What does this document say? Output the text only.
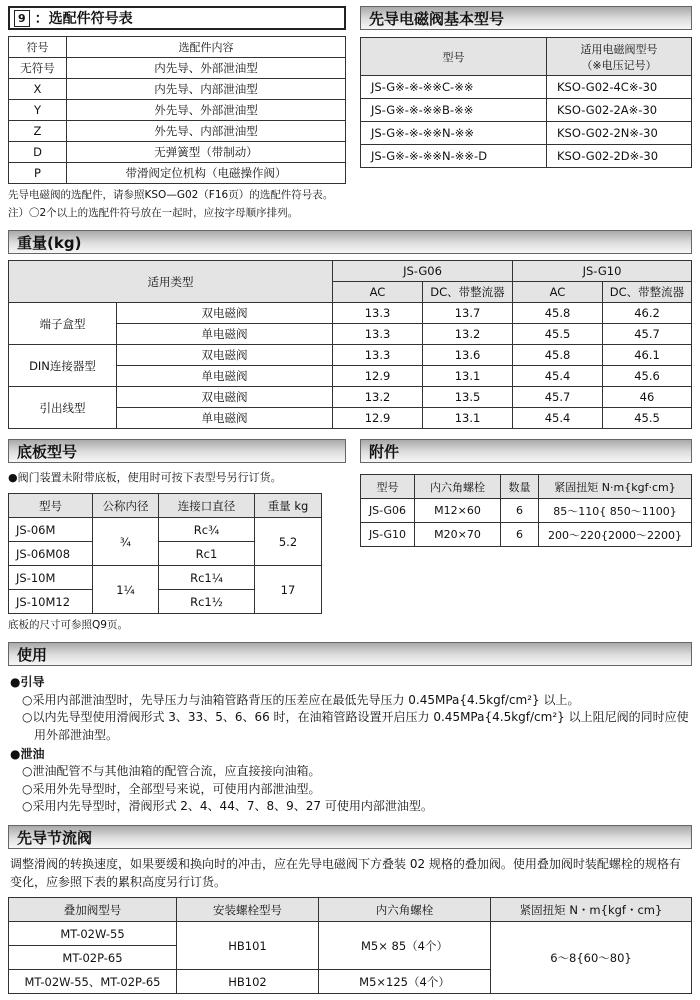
9 ：选配件符号表
符号	选配件内容
无符号	内先导、外部泄油型
X	内先导、内部泄油型
Y	外先导、外部泄油型
Z	外先导、内部泄油型
D	无弹簧型（带制动）
P	带滑阀定位机构（电磁操作阀）
先导电磁阀的选配件，请参照KSO—G02（F16页）的选配件符号表。
注）〇2个以上的选配件符号放在一起时，应按字母顺序排列。
先导电磁阀基本型号
型号	适用电磁阀型号
（※电压记号）

JS-G※-※-※※C-※※	KSO-G02-4C※-30
JS-G※-※-※※B-※※	KSO-G02-2A※-30
JS-G※-※-※※N-※※	KSO-G02-2N※-30
JS-G※-※-※※N-※※-D	KSO-G02-2D※-30
重量(kg)
适用类型		JS-G06		JS-G10	
		AC	DC、带整流器	AC	DC、带整流器
端子盒型	双电磁阀	13.3	13.7	45.8	46.2
	单电磁阀	13.3	13.2	45.5	45.7
DIN连接器型	双电磁阀	13.3	13.6	45.8	46.1
	单电磁阀	12.9	13.1	45.4	45.6
引出线型	双电磁阀	13.2	13.5	45.7	46
	单电磁阀	12.9	13.1	45.4	45.5
底板型号
●阀门装置未附带底板，使用时可按下表型号另行订货。
型号	公称内径	连接口直径	重量 kg
JS-06M	¾	Rc¾	5.2
JS-06M08		Rc1	
JS-10M	1¼	Rc1¼	17
JS-10M12		Rc1½	
底板的尺寸可参照Q9页。
附件
型号	内六角螺栓	数量	紧固扭矩 N·m{kgf·cm}
JS-G06	M12×60	6	85～110{ 850～1100}
JS-G10	M20×70	6	200～220{2000～2200}
使用
●引导
○采用内部泄油型时，先导压力与油箱管路背压的压差应在最低先导压力 0.45MPa{4.5kgf/cm²} 以上。
○以内先导型使用滑阀形式 3、33、5、6、66 时，在油箱管路设置开启压力 0.45MPa{4.5kgf/cm²} 以上阻尼阀的同时应使用外部泄油型。
●泄油
○泄油配管不与其他油箱的配管合流，应直接接向油箱。
○采用外先导型时，全部型号来说，可使用内部泄油型。
○采用内先导型时，滑阀形式 2、4、44、7、8、9、27 可使用内部泄油型。
先导节流阀
调整滑阀的转换速度，如果要缓和换向时的冲击，应在先导电磁阀下方叠装 02 规格的叠加阀。使用叠加阀时装配螺栓的规格有变化，应参照下表的累积高度另行订货。
叠加阀型号	安装螺栓型号	内六角螺栓	紧固扭矩 N・m{kgf・cm}
MT-02W-55	HB101	M5× 85（4个）	6～8{60～80}
MT-02P-65			
MT-02W-55、MT-02P-65	HB102	M5×125（4个）	
